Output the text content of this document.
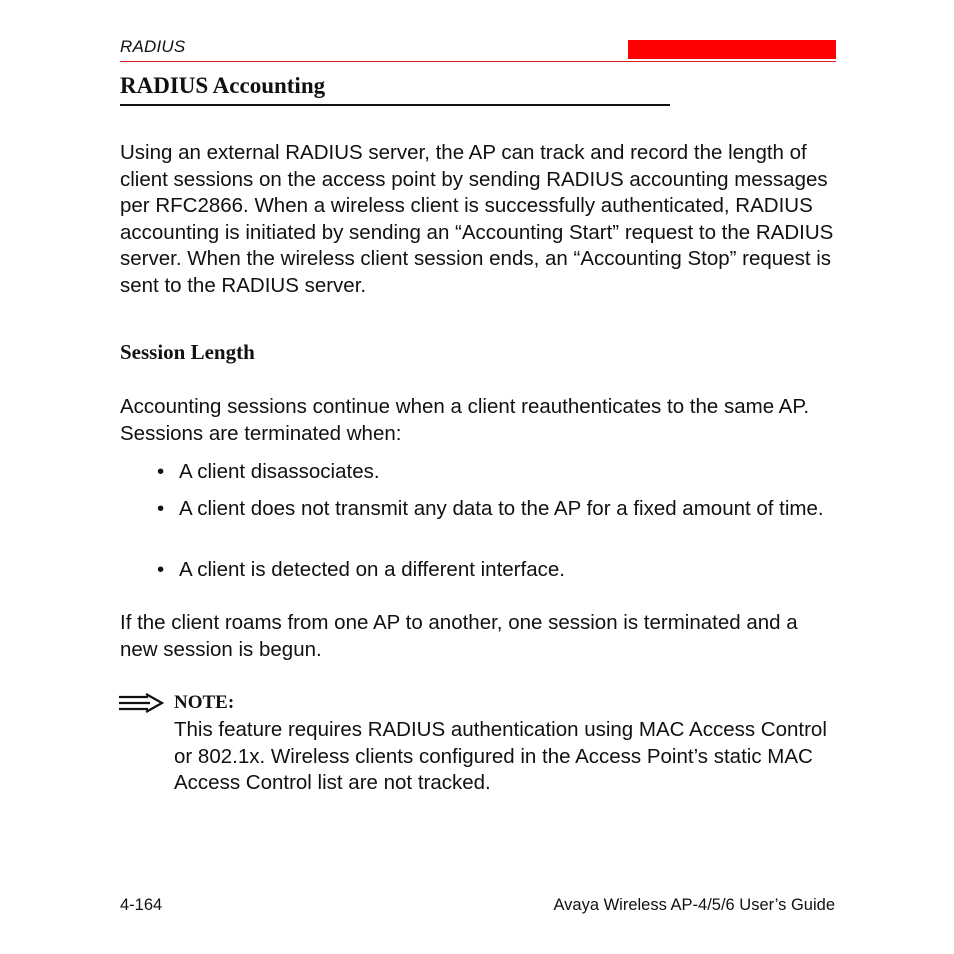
RADIUS
RADIUS Accounting

Using an external RADIUS server, the AP can track and record the length of client sessions on the access point by sending RADIUS accounting messages per RFC2866. When a wireless client is successfully authenticated, RADIUS accounting is initiated by sending an “Accounting Start” request to the RADIUS server. When the wireless client session ends, an “Accounting Stop” request is sent to the RADIUS server.

Session Length

Accounting sessions continue when a client reauthenticates to the same AP. Sessions are terminated when:

• A client disassociates.
• A client does not transmit any data to the AP for a fixed amount of time.
• A client is detected on a different interface.

If the client roams from one AP to another, one session is terminated and a new session is begun.

NOTE:

This feature requires RADIUS authentication using MAC Access Control or 802.1x. Wireless clients configured in the Access Point’s static MAC Access Control list are not tracked.

4-164	Avaya Wireless AP-4/5/6 User’s Guide
